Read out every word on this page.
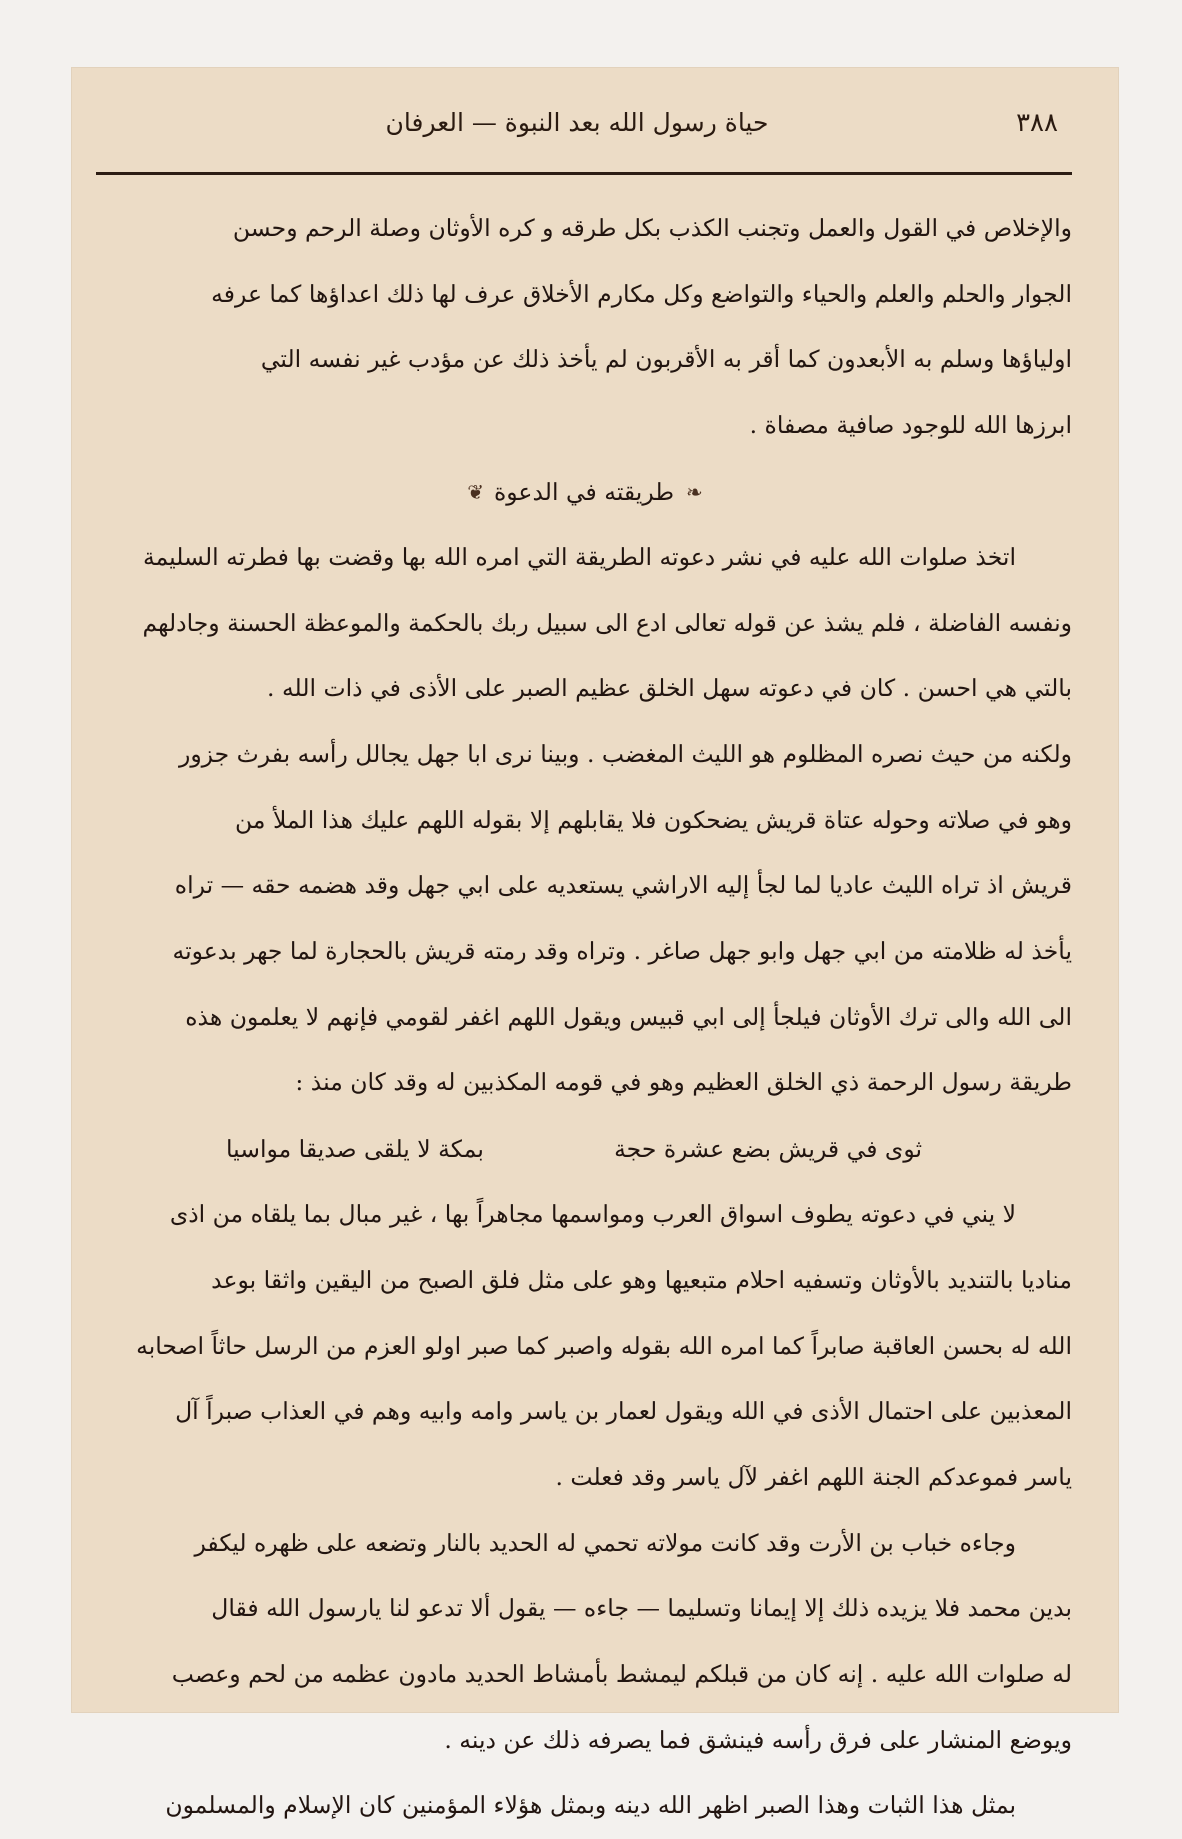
٣٨٨
حياة رسول الله بعد النبوة — العرفان

والإخلاص في القول والعمل وتجنب الكذب بكل طرقه و كره الأوثان وصلة الرحم وحسن

الجوار والحلم والعلم والحياء والتواضع وكل مكارم الأخلاق عرف لها ذلك اعداؤها كما عرفه

اولياؤها وسلم به الأبعدون كما أقر به الأقربون لم يأخذ ذلك عن مؤدب غير نفسه التي

ابرزها الله للوجود صافية مصفاة .

❧
طريقته في الدعوة
❦

اتخذ صلوات الله عليه في نشر دعوته الطريقة التي امره الله بها وقضت بها فطرته السليمة

ونفسه الفاضلة ، فلم يشذ عن قوله تعالى ادع الى سبيل ربك بالحكمة والموعظة الحسنة وجادلهم

بالتي هي احسن . كان في دعوته سهل الخلق عظيم الصبر على الأذى في ذات الله .

ولكنه من حيث نصره المظلوم هو الليث المغضب . وبينا نرى ابا جهل يجالل رأسه بفرث جزور

وهو في صلاته وحوله عتاة قريش يضحكون فلا يقابلهم إلا بقوله اللهم عليك هذا الملأ من

قريش اذ تراه الليث عاديا لما لجأ إليه الاراشي يستعديه على ابي جهل وقد هضمه حقه — تراه

يأخذ له ظلامته من ابي جهل وابو جهل صاغر . وتراه وقد رمته قريش بالحجارة لما جهر بدعوته

الى الله والى ترك الأوثان فيلجأ إلى ابي قبيس ويقول اللهم اغفر لقومي فإنهم لا يعلمون هذه

طريقة رسول الرحمة ذي الخلق العظيم وهو في قومه المكذبين له وقد كان منذ :

ثوى في قريش بضع عشرة حجة
بمكة لا يلقى صديقا مواسيا

لا يني في دعوته يطوف اسواق العرب ومواسمها مجاهراً بها ، غير مبال بما يلقاه من اذى

مناديا بالتنديد بالأوثان وتسفيه احلام متبعيها وهو على مثل فلق الصبح من اليقين واثقا بوعد

الله له بحسن العاقبة صابراً كما امره الله بقوله واصبر كما صبر اولو العزم من الرسل حاثاً اصحابه

المعذبين على احتمال الأذى في الله ويقول لعمار بن ياسر وامه وابيه وهم في العذاب صبراً آل

ياسر فموعدكم الجنة اللهم اغفر لآل ياسر وقد فعلت .

وجاءه خباب بن الأرت وقد كانت مولاته تحمي له الحديد بالنار وتضعه على ظهره ليكفر

بدين محمد فلا يزيده ذلك إلا إيمانا وتسليما — جاءه — يقول ألا تدعو لنا يارسول الله فقال

له صلوات الله عليه . إنه كان من قبلكم ليمشط بأمشاط الحديد مادون عظمه من لحم وعصب

ويوضع المنشار على فرق رأسه فينشق فما يصرفه ذلك عن دينه .

بمثل هذا الثبات وهذا الصبر اظهر الله دينه وبمثل هؤلاء المؤمنين كان الإسلام والمسلمون
